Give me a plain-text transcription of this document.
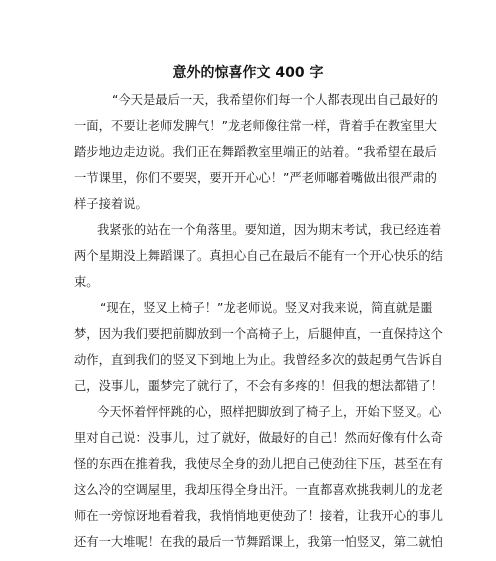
意外的惊喜作文 400 字

“今天是最后一天，我希望你们每一个人都表现出自己最好的

一面，不要让老师发脾气！”龙老师像往常一样，背着手在教室里大

踏步地边走边说。我们正在舞蹈教室里端正的站着。“我希望在最后

一节课里，你们不要哭，要开开心心！”严老师嘟着嘴做出很严肃的

样子接着说。

我紧张的站在一个角落里。要知道，因为期末考试，我已经连着

两个星期没上舞蹈课了。真担心自己在最后不能有一个开心快乐的结

束。

“现在，竖叉上椅子！”龙老师说。竖叉对我来说，简直就是噩

梦，因为我们要把前脚放到一个高椅子上，后腿伸直，一直保持这个

动作，直到我们的竖叉下到地上为止。我曾经多次的鼓起勇气告诉自

己，没事儿，噩梦完了就行了，不会有多疼的！但我的想法都错了！

今天怀着怦怦跳的心，照样把脚放到了椅子上，开始下竖叉。心

里对自己说：没事儿，过了就好，做最好的自己！然而好像有什么奇

怪的东西在推着我，我使尽全身的劲儿把自己使劲往下压，甚至在有

这么冷的空调屋里，我却压得全身出汗。一直都喜欢挑我刺儿的龙老

师在一旁惊讶地看着我，我悄悄地更使劲了！接着，让我开心的事儿

还有一大堆呢！在我的最后一节舞蹈课上，我第一怕竖叉，第二就怕
